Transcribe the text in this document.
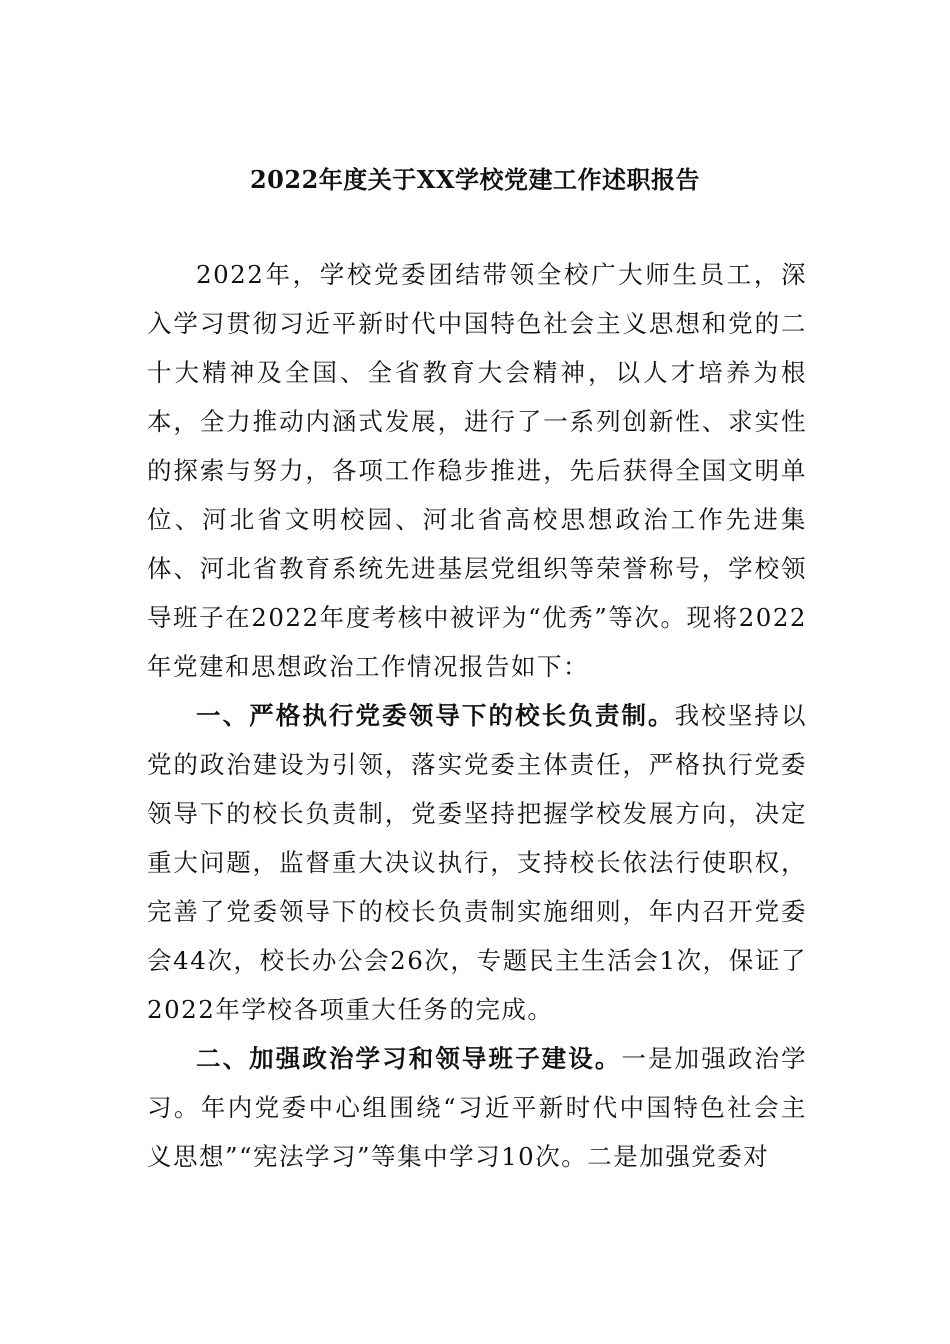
2022年度关于XX学校党建工作述职报告

2022年，学校党委团结带领全校广大师生员工，深入学习贯彻习近平新时代中国特色社会主义思想和党的二十大精神及全国、全省教育大会精神，以人才培养为根本，全力推动内涵式发展，进行了一系列创新性、求实性的探索与努力，各项工作稳步推进，先后获得全国文明单位、河北省文明校园、河北省高校思想政治工作先进集体、河北省教育系统先进基层党组织等荣誉称号，学校领导班子在2022年度考核中被评为“优秀”等次。现将2022年党建和思想政治工作情况报告如下：

一、严格执行党委领导下的校长负责制。我校坚持以党的政治建设为引领，落实党委主体责任，严格执行党委领导下的校长负责制，党委坚持把握学校发展方向，决定重大问题，监督重大决议执行，支持校长依法行使职权，完善了党委领导下的校长负责制实施细则，年内召开党委会44次，校长办公会26次，专题民主生活会1次，保证了2022年学校各项重大任务的完成。

二、加强政治学习和领导班子建设。一是加强政治学习。年内党委中心组围绕“习近平新时代中国特色社会主义思想”“宪法学习”等集中学习10次。二是加强党委对
